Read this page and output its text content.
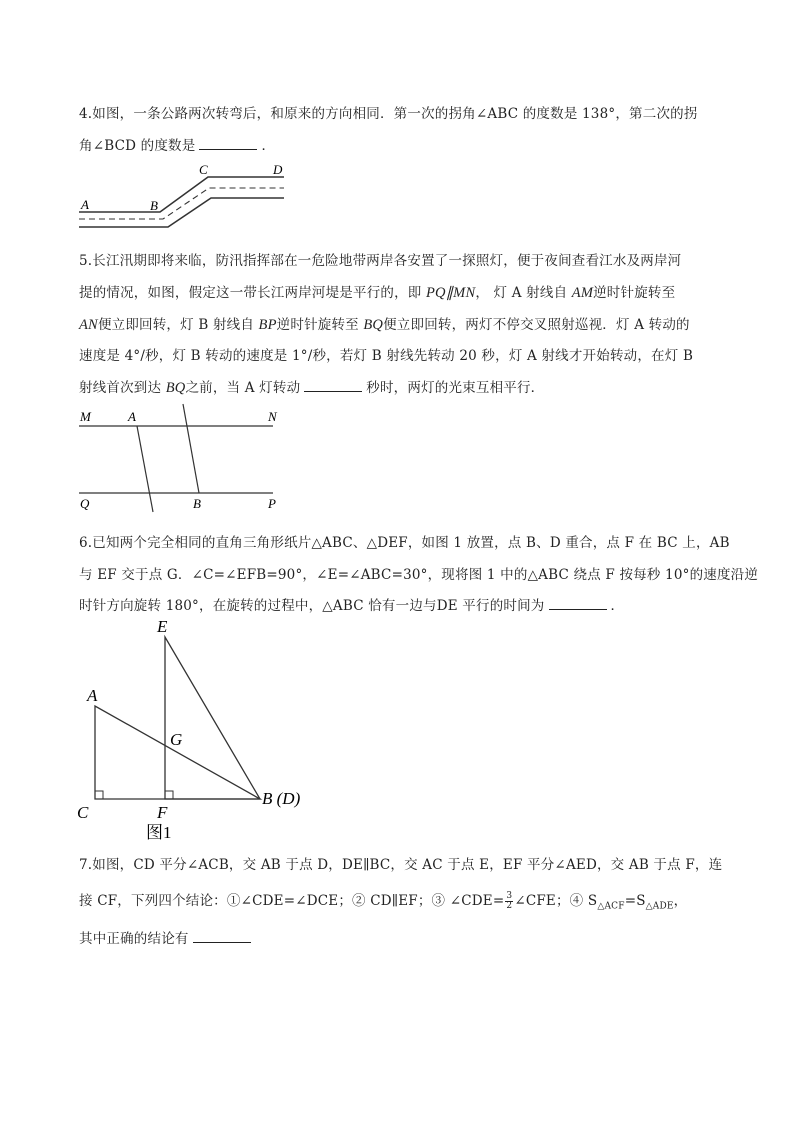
4.如图，一条公路两次转弯后，和原来的方向相同．第一次的拐角∠ABC 的度数是 138°，第二次的拐
角∠BCD 的度数是	．
A	B
C	D
M	A	N
Q	B	P
E
A
G
C	F
B (D)
图1
5.长江汛期即将来临，防汛指挥部在一危险地带两岸各安置了一探照灯，便于夜间查看江水及两岸河
提的情况，如图，假定这一带长江两岸河堤是平行的，即 PQ∥MN， 灯 A 射线自 AM逆时针旋转至
AN便立即回转，灯 B 射线自 BP逆时针旋转至 BQ便立即回转，两灯不停交叉照射巡视．灯 A 转动的
速度是 4°/秒，灯 B 转动的速度是 1°/秒，若灯 B 射线先转动 20 秒，灯 A 射线才开始转动，在灯 B
射线首次到达 BQ之前，当 A 灯转动	秒时，两灯的光束互相平行．
6.已知两个完全相同的直角三角形纸片△ABC、△DEF，如图 1 放置，点 B、D 重合，点 F 在 BC 上，AB
与 EF 交于点 G．∠C=∠EFB=90°，∠E=∠ABC=30°，现将图 1 中的△ABC 绕点 F 按每秒 10°的速度沿逆
时针方向旋转 180°，在旋转的过程中，△ABC 恰有一边与DE 平行的时间为	．
7.如图，CD 平分∠ACB，交 AB 于点 D，DE∥BC，交 AC 于点 E，EF 平分∠AED，交 AB 于点 F，连
接 CF，下列四个结论：①∠CDE=∠DCE；② CD∥EF；③ ∠CDE= $\frac{3}{2}$ ∠CFE；④ $S_{\triangle ACF}=S_{\triangle ADE}$，
其中正确的结论有
